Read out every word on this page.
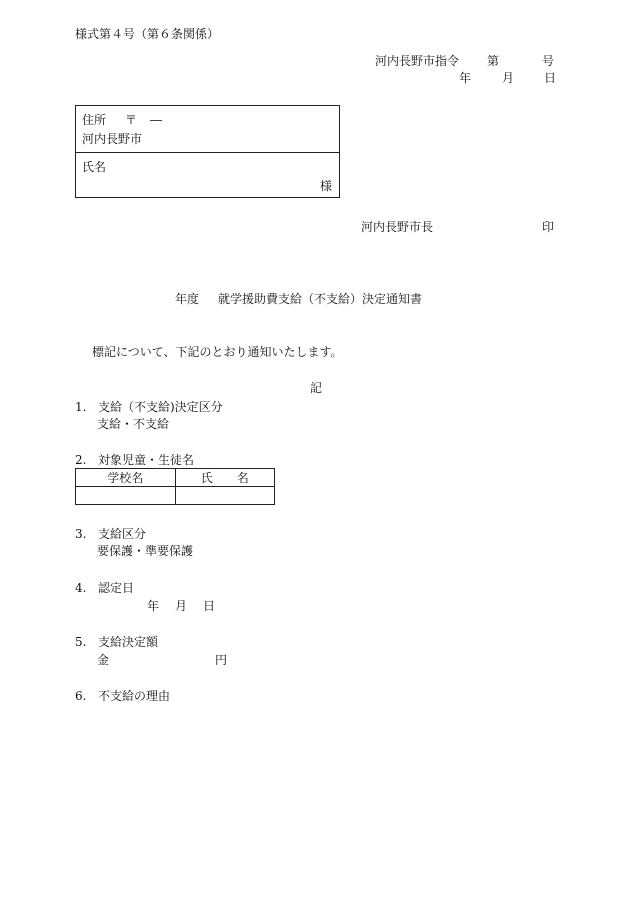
様式第４号（第６条関係）
河内長野市指令 第	号
年	月 日
住所 〒 ―
河内長野市
氏名
様
河内長野市長	印
年度 就学援助費支給（不支給）決定通知書
標記について、下記のとおり通知いたします。
記
1. 支給（不支給)決定区分
支給・不支給
2. 対象児童・生徒名
学校名	氏　　名

3. 支給区分
要保護・準要保護
4. 認定日
年 月 日
5. 支給決定額
金	円
6. 不支給の理由
